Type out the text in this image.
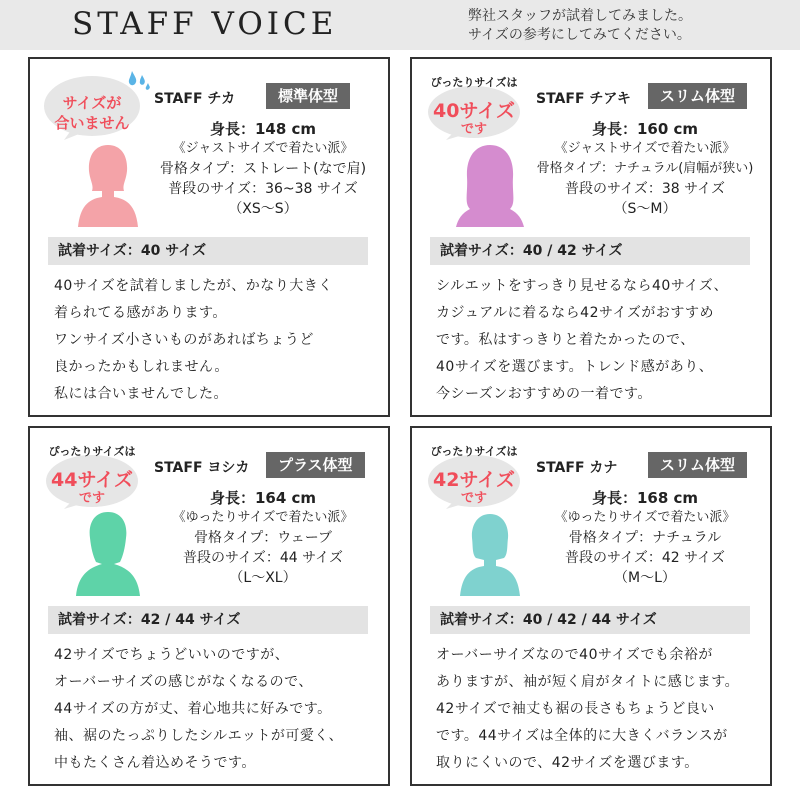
STAFF VOICE	弊社スタッフが試着してみました。
サイズの参考にしてみてください。
サイズが
合いません
STAFF チカ	標準体型
身長：148 cm
《ジャストサイズで着たい派》
骨格タイプ：ストレート(なで肩)
普段のサイズ：36~38 サイズ
（XS〜S）
試着サイズ：40 サイズ
40サイズを試着しましたが、かなり大きく
着られてる感があります。
ワンサイズ小さいものがあればちょうど
良かったかもしれません。
私には合いませんでした。
ぴったりサイズは
40サイズ
です
STAFF チアキ	スリム体型
身長：160 cm
《ジャストサイズで着たい派》
骨格タイプ：ナチュラル(肩幅が狭い)
普段のサイズ：38 サイズ
（S〜M）
試着サイズ：40 / 42 サイズ
シルエットをすっきり見せるなら40サイズ、
カジュアルに着るなら42サイズがおすすめ
です。私はすっきりと着たかったので、
40サイズを選びます。トレンド感があり、
今シーズンおすすめの一着です。
ぴったりサイズは
44サイズ
です
STAFF ヨシカ	プラス体型
身長：164 cm
《ゆったりサイズで着たい派》
骨格タイプ：ウェーブ
普段のサイズ：44 サイズ
（L〜XL）
試着サイズ：42 / 44 サイズ
42サイズでちょうどいいのですが、
オーバーサイズの感じがなくなるので、
44サイズの方が丈、着心地共に好みです。
袖、裾のたっぷりしたシルエットが可愛く、
中もたくさん着込めそうです。
ぴったりサイズは
42サイズ
です
STAFF カナ	スリム体型
身長：168 cm
《ゆったりサイズで着たい派》
骨格タイプ：ナチュラル
普段のサイズ：42 サイズ
（M〜L）
試着サイズ：40 / 42 / 44 サイズ
オーバーサイズなので40サイズでも余裕が
ありますが、袖が短く肩がタイトに感じます。
42サイズで袖丈も裾の長さもちょうど良い
です。44サイズは全体的に大きくバランスが
取りにくいので、42サイズを選びます。
